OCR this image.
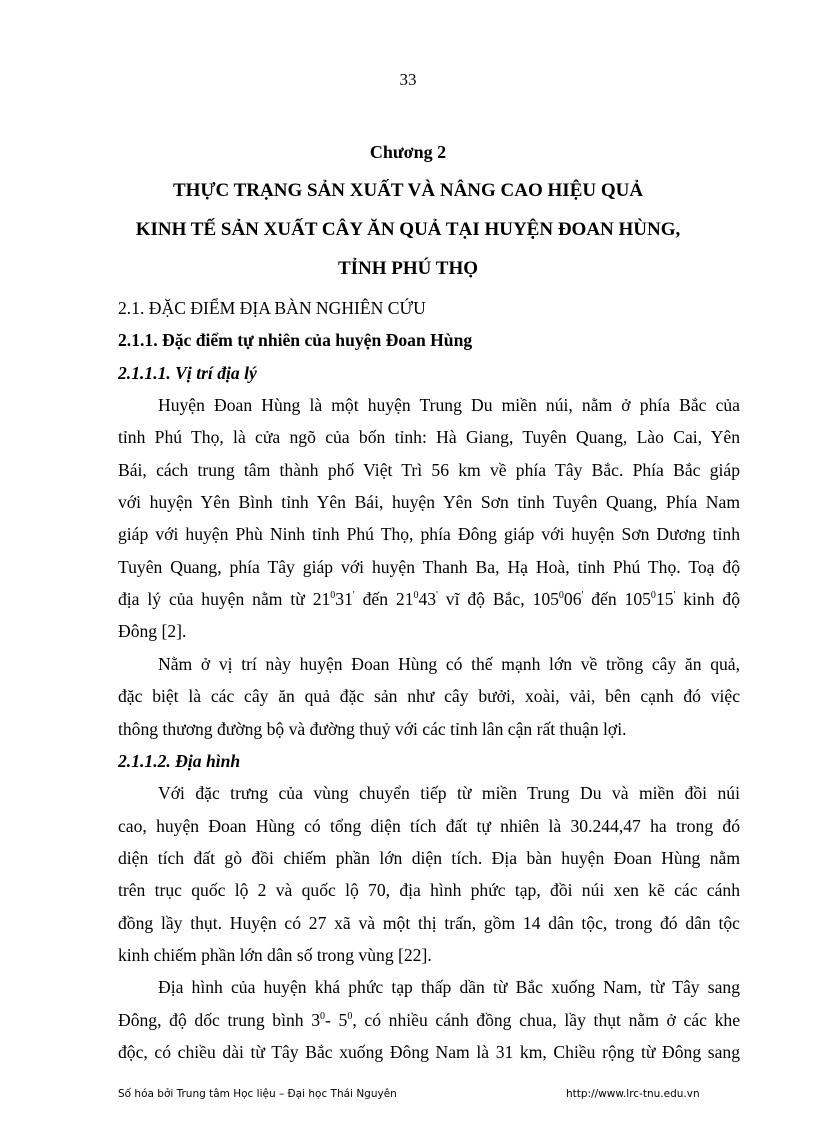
33
Chương 2
THỰC TRẠNG SẢN XUẤT VÀ NÂNG CAO HIỆU QUẢ
KINH TẾ SẢN XUẤT CÂY ĂN QUẢ TẠI HUYỆN ĐOAN HÙNG,
TỈNH PHÚ THỌ
2.1. ĐẶC ĐIỂM ĐỊA BÀN NGHIÊN CỨU
2.1.1. Đặc điểm tự nhiên của huyện Đoan Hùng
2.1.1.1. Vị trí địa lý
Huyện Đoan Hùng là một huyện Trung Du miền núi, nằm ở phía Bắc của
tỉnh Phú Thọ, là cửa ngõ của bốn tỉnh: Hà Giang, Tuyên Quang, Lào Cai, Yên
Bái, cách trung tâm thành phố Việt Trì 56 km về phía Tây Bắc. Phía Bắc giáp
với huyện Yên Bình tỉnh Yên Bái, huyện Yên Sơn tỉnh Tuyên Quang, Phía Nam
giáp với huyện Phù Ninh tỉnh Phú Thọ, phía Đông giáp với huyện Sơn Dương tỉnh
Tuyên Quang, phía Tây giáp với huyện Thanh Ba, Hạ Hoà, tỉnh Phú Thọ. Toạ độ
địa lý của huyện nằm từ $21^031'$ đến $21^043'$ vĩ độ Bắc, $105^006'$ đến $105^015'$ kinh độ
Đông [2].
Nằm ở vị trí này huyện Đoan Hùng có thế mạnh lớn về trồng cây ăn quả,
đặc biệt là các cây ăn quả đặc sản như cây bưởi, xoài, vải, bên cạnh đó việc
thông thương đường bộ và đường thuỷ với các tỉnh lân cận rất thuận lợi.
2.1.1.2. Địa hình
Với đặc trưng của vùng chuyển tiếp từ miền Trung Du và miền đồi núi
cao, huyện Đoan Hùng có tổng diện tích đất tự nhiên là 30.244,47 ha trong đó
diện tích đất gò đồi chiếm phần lớn diện tích. Địa bàn huyện Đoan Hùng nằm
trên trục quốc lộ 2 và quốc lộ 70, địa hình phức tạp, đồi núi xen kẽ các cánh
đồng lầy thụt. Huyện có 27 xã và một thị trấn, gồm 14 dân tộc, trong đó dân tộc
kinh chiếm phần lớn dân số trong vùng [22].
Địa hình của huyện khá phức tạp thấp dần từ Bắc xuống Nam, từ Tây sang
Đông, độ dốc trung bình $3^0-$ $5^0$, có nhiều cánh đồng chua, lầy thụt nằm ở các khe
độc, có chiều dài từ Tây Bắc xuống Đông Nam là 31 km, Chiều rộng từ Đông sang
Số hóa bởi Trung tâm Học liệu – Đại học Thái Nguyên	http://www.lrc-tnu.edu.vn
